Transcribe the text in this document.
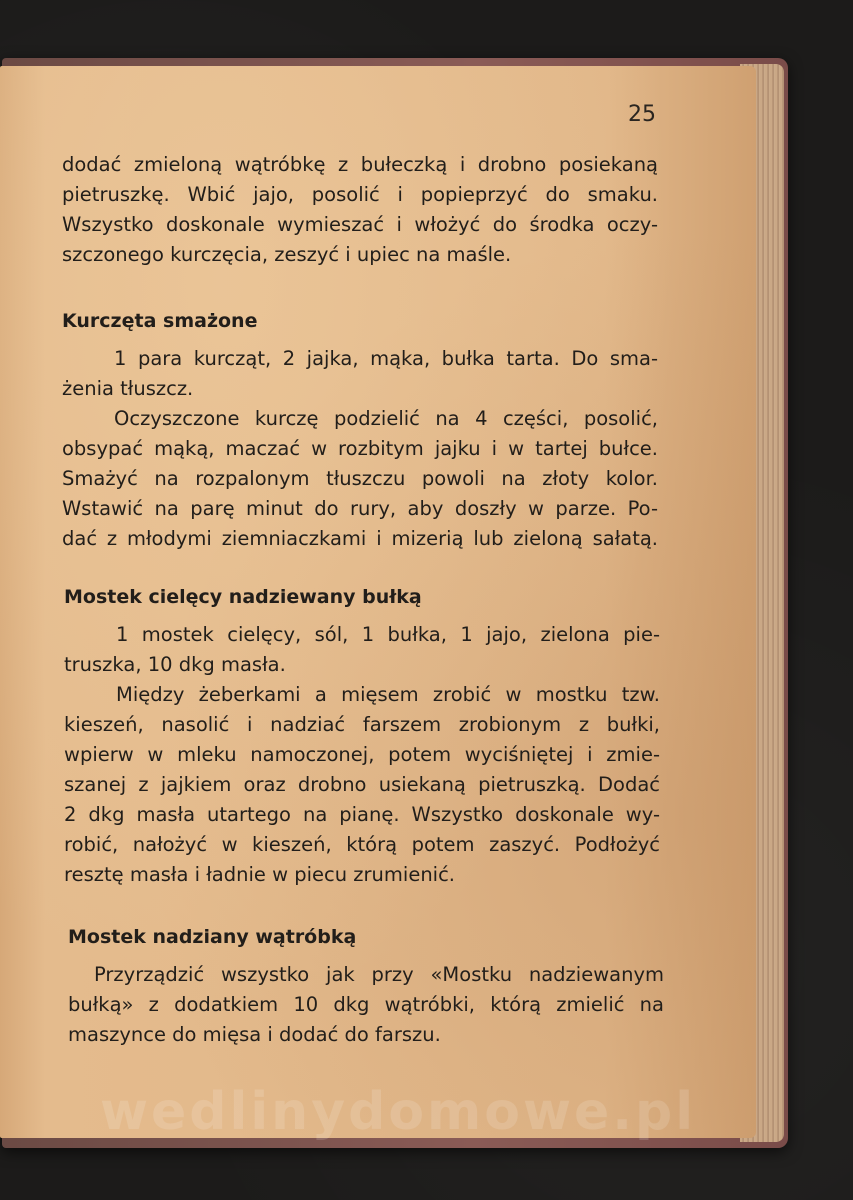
25
dodać zmieloną wątróbkę z bułeczką i drobno posiekaną
pietruszkę. Wbić jajo, posolić i popieprzyć do smaku.
Wszystko doskonale wymieszać i włożyć do środka oczy-
szczonego kurczęcia, zeszyć i upiec na maśle.
Kurczęta smażone
1 para kurcząt, 2 jajka, mąka, bułka tarta. Do sma-
żenia tłuszcz.
Oczyszczone kurczę podzielić na 4 części, posolić,
obsypać mąką, maczać w rozbitym jajku i w tartej bułce.
Smażyć na rozpalonym tłuszczu powoli na złoty kolor.
Wstawić na parę minut do rury, aby doszły w parze. Po-
dać z młodymi ziemniaczkami i mizerią lub zieloną sałatą.
Mostek cielęcy nadziewany bułką
1 mostek cielęcy, sól, 1 bułka, 1 jajo, zielona pie-
truszka, 10 dkg masła.
Między żeberkami a mięsem zrobić w mostku tzw.
kieszeń, nasolić i nadziać farszem zrobionym z bułki,
wpierw w mleku namoczonej, potem wyciśniętej i zmie-
szanej z jajkiem oraz drobno usiekaną pietruszką. Dodać
2 dkg masła utartego na pianę. Wszystko doskonale wy-
robić, nałożyć w kieszeń, którą potem zaszyć. Podłożyć
resztę masła i ładnie w piecu zrumienić.
Mostek nadziany wątróbką
Przyrządzić wszystko jak przy «Mostku nadziewanym
bułką» z dodatkiem 10 dkg wątróbki, którą zmielić na
maszynce do mięsa i dodać do farszu.
wedlinydomowe.pl
